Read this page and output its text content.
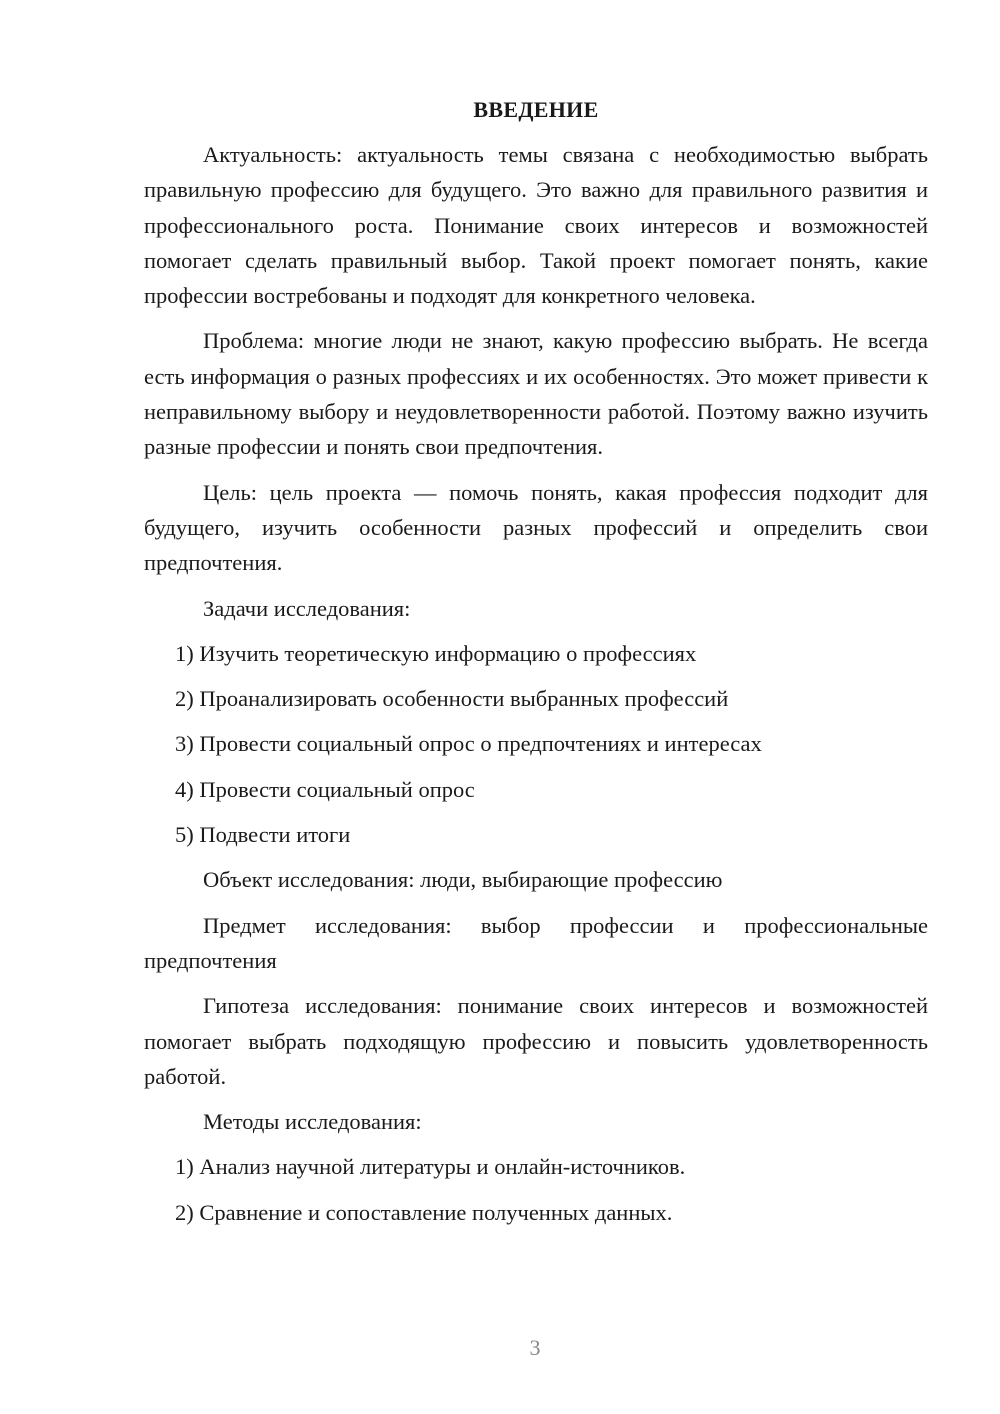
ВВЕДЕНИЕ

Актуальность: актуальность темы связана с необходимостью выбрать правильную профессию для будущего. Это важно для правильного развития и профессионального роста. Понимание своих интересов и возможностей помогает сделать правильный выбор. Такой проект помогает понять, какие профессии востребованы и подходят для конкретного человека.

Проблема: многие люди не знают, какую профессию выбрать. Не всегда есть информация о разных профессиях и их особенностях. Это может привести к неправильному выбору и неудовлетворенности работой. Поэтому важно изучить разные профессии и понять свои предпочтения.

Цель: цель проекта — помочь понять, какая профессия подходит для будущего, изучить особенности разных профессий и определить свои предпочтения.

Задачи исследования:
1) Изучить теоретическую информацию о профессиях
2) Проанализировать особенности выбранных профессий
3) Провести социальный опрос о предпочтениях и интересах
4) Провести социальный опрос
5) Подвести итоги
Объект исследования: люди, выбирающие профессию

Предмет исследования: выбор профессии и профессиональные предпочтения

Гипотеза исследования: понимание своих интересов и возможностей помогает выбрать подходящую профессию и повысить удовлетворенность работой.

Методы исследования:
1) Анализ научной литературы и онлайн-источников.
2) Сравнение и сопоставление полученных данных.
3
